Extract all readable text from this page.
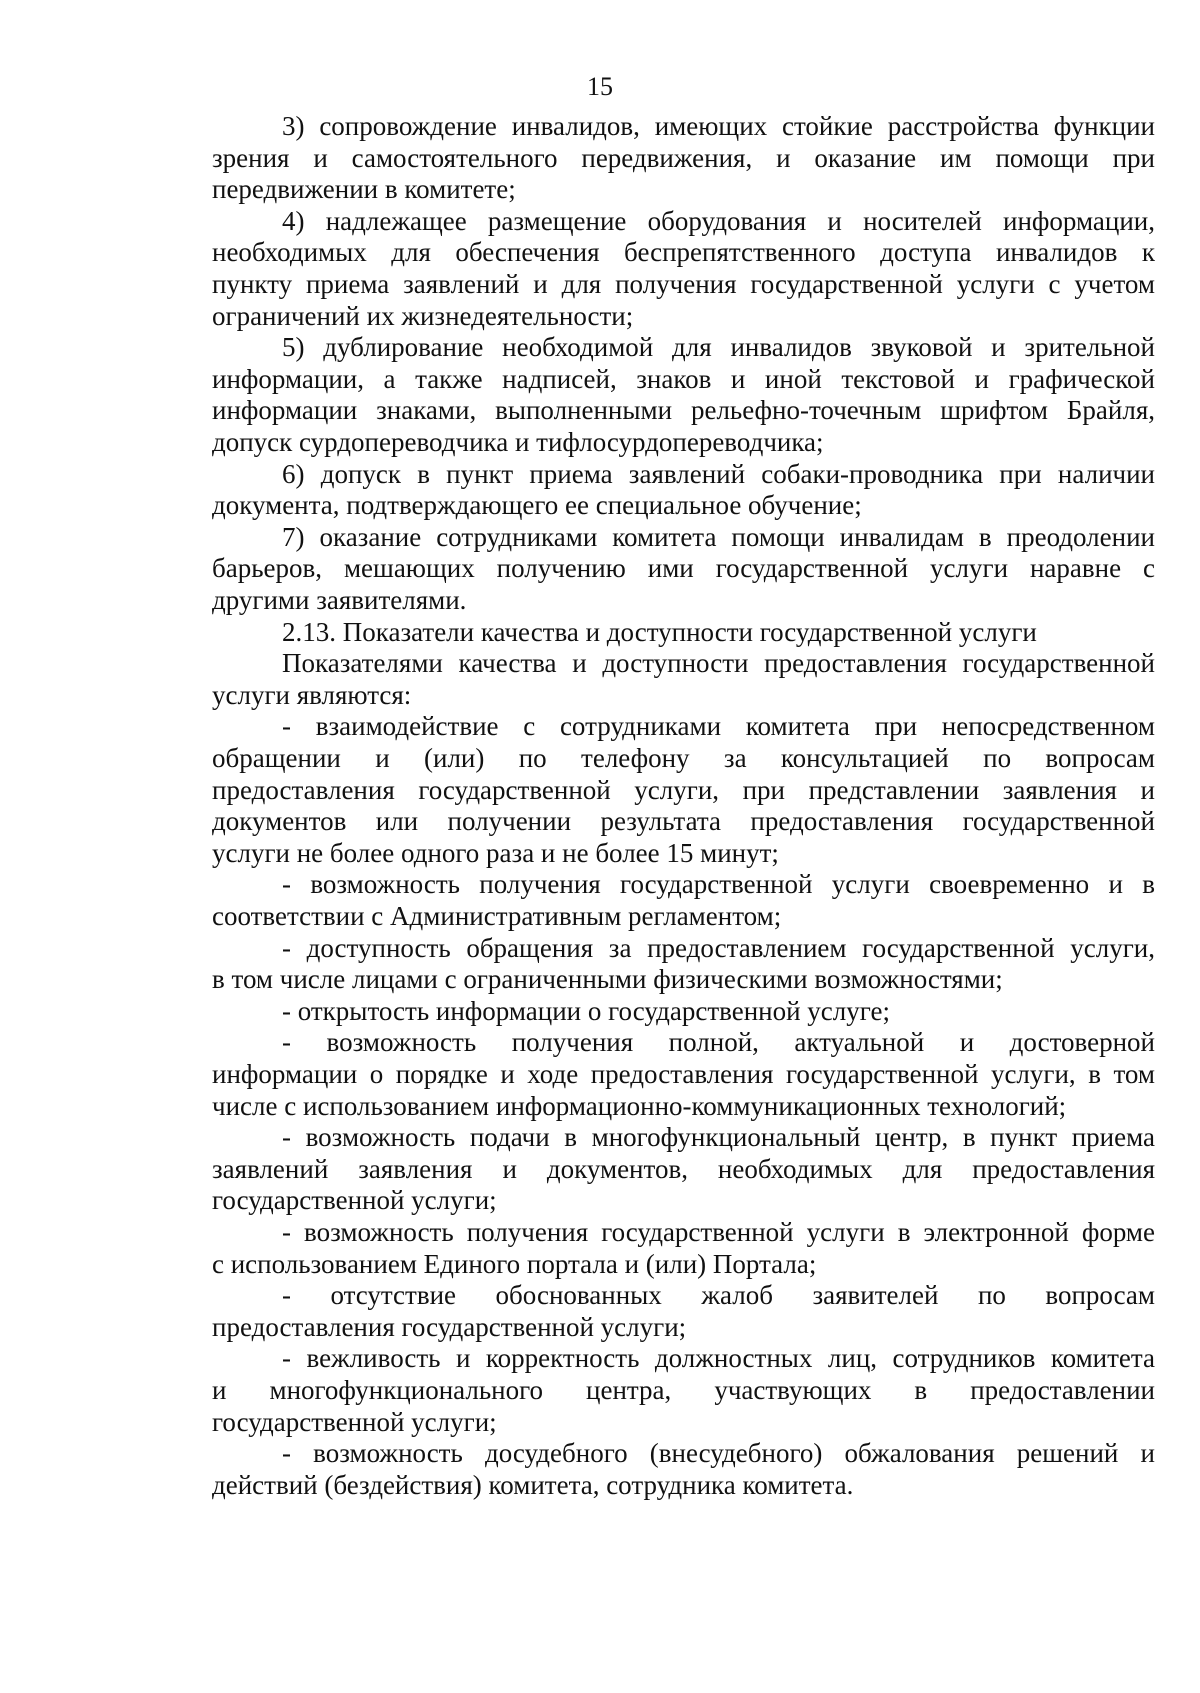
15
3) сопровождение инвалидов, имеющих стойкие расстройства функции
зрения и самостоятельного передвижения, и оказание им помощи при
передвижении в комитете;
4) надлежащее размещение оборудования и носителей информации,
необходимых для обеспечения беспрепятственного доступа инвалидов к
пункту приема заявлений и для получения государственной услуги с учетом
ограничений их жизнедеятельности;
5) дублирование необходимой для инвалидов звуковой и зрительной
информации, а также надписей, знаков и иной текстовой и графической
информации знаками, выполненными рельефно-точечным шрифтом Брайля,
допуск сурдопереводчика и тифлосурдопереводчика;
6) допуск в пункт приема заявлений собаки-проводника при наличии
документа, подтверждающего ее специальное обучение;
7) оказание сотрудниками комитета помощи инвалидам в преодолении
барьеров, мешающих получению ими государственной услуги наравне с
другими заявителями.
2.13. Показатели качества и доступности государственной услуги
Показателями качества и доступности предоставления государственной
услуги являются:
- взаимодействие с сотрудниками комитета при непосредственном
обращении и (или) по телефону за консультацией по вопросам
предоставления государственной услуги, при представлении заявления и
документов или получении результата предоставления государственной
услуги не более одного раза и не более 15 минут;
- возможность получения государственной услуги своевременно и в
соответствии с Административным регламентом;
- доступность обращения за предоставлением государственной услуги,
в том числе лицами с ограниченными физическими возможностями;
- открытость информации о государственной услуге;
- возможность получения полной, актуальной и достоверной
информации о порядке и ходе предоставления государственной услуги, в том
числе с использованием информационно-коммуникационных технологий;
- возможность подачи в многофункциональный центр, в пункт приема
заявлений заявления и документов, необходимых для предоставления
государственной услуги;
- возможность получения государственной услуги в электронной форме
с использованием Единого портала и (или) Портала;
- отсутствие обоснованных жалоб заявителей по вопросам
предоставления государственной услуги;
- вежливость и корректность должностных лиц, сотрудников комитета
и многофункционального центра, участвующих в предоставлении
государственной услуги;
- возможность досудебного (внесудебного) обжалования решений и
действий (бездействия) комитета, сотрудника комитета.
